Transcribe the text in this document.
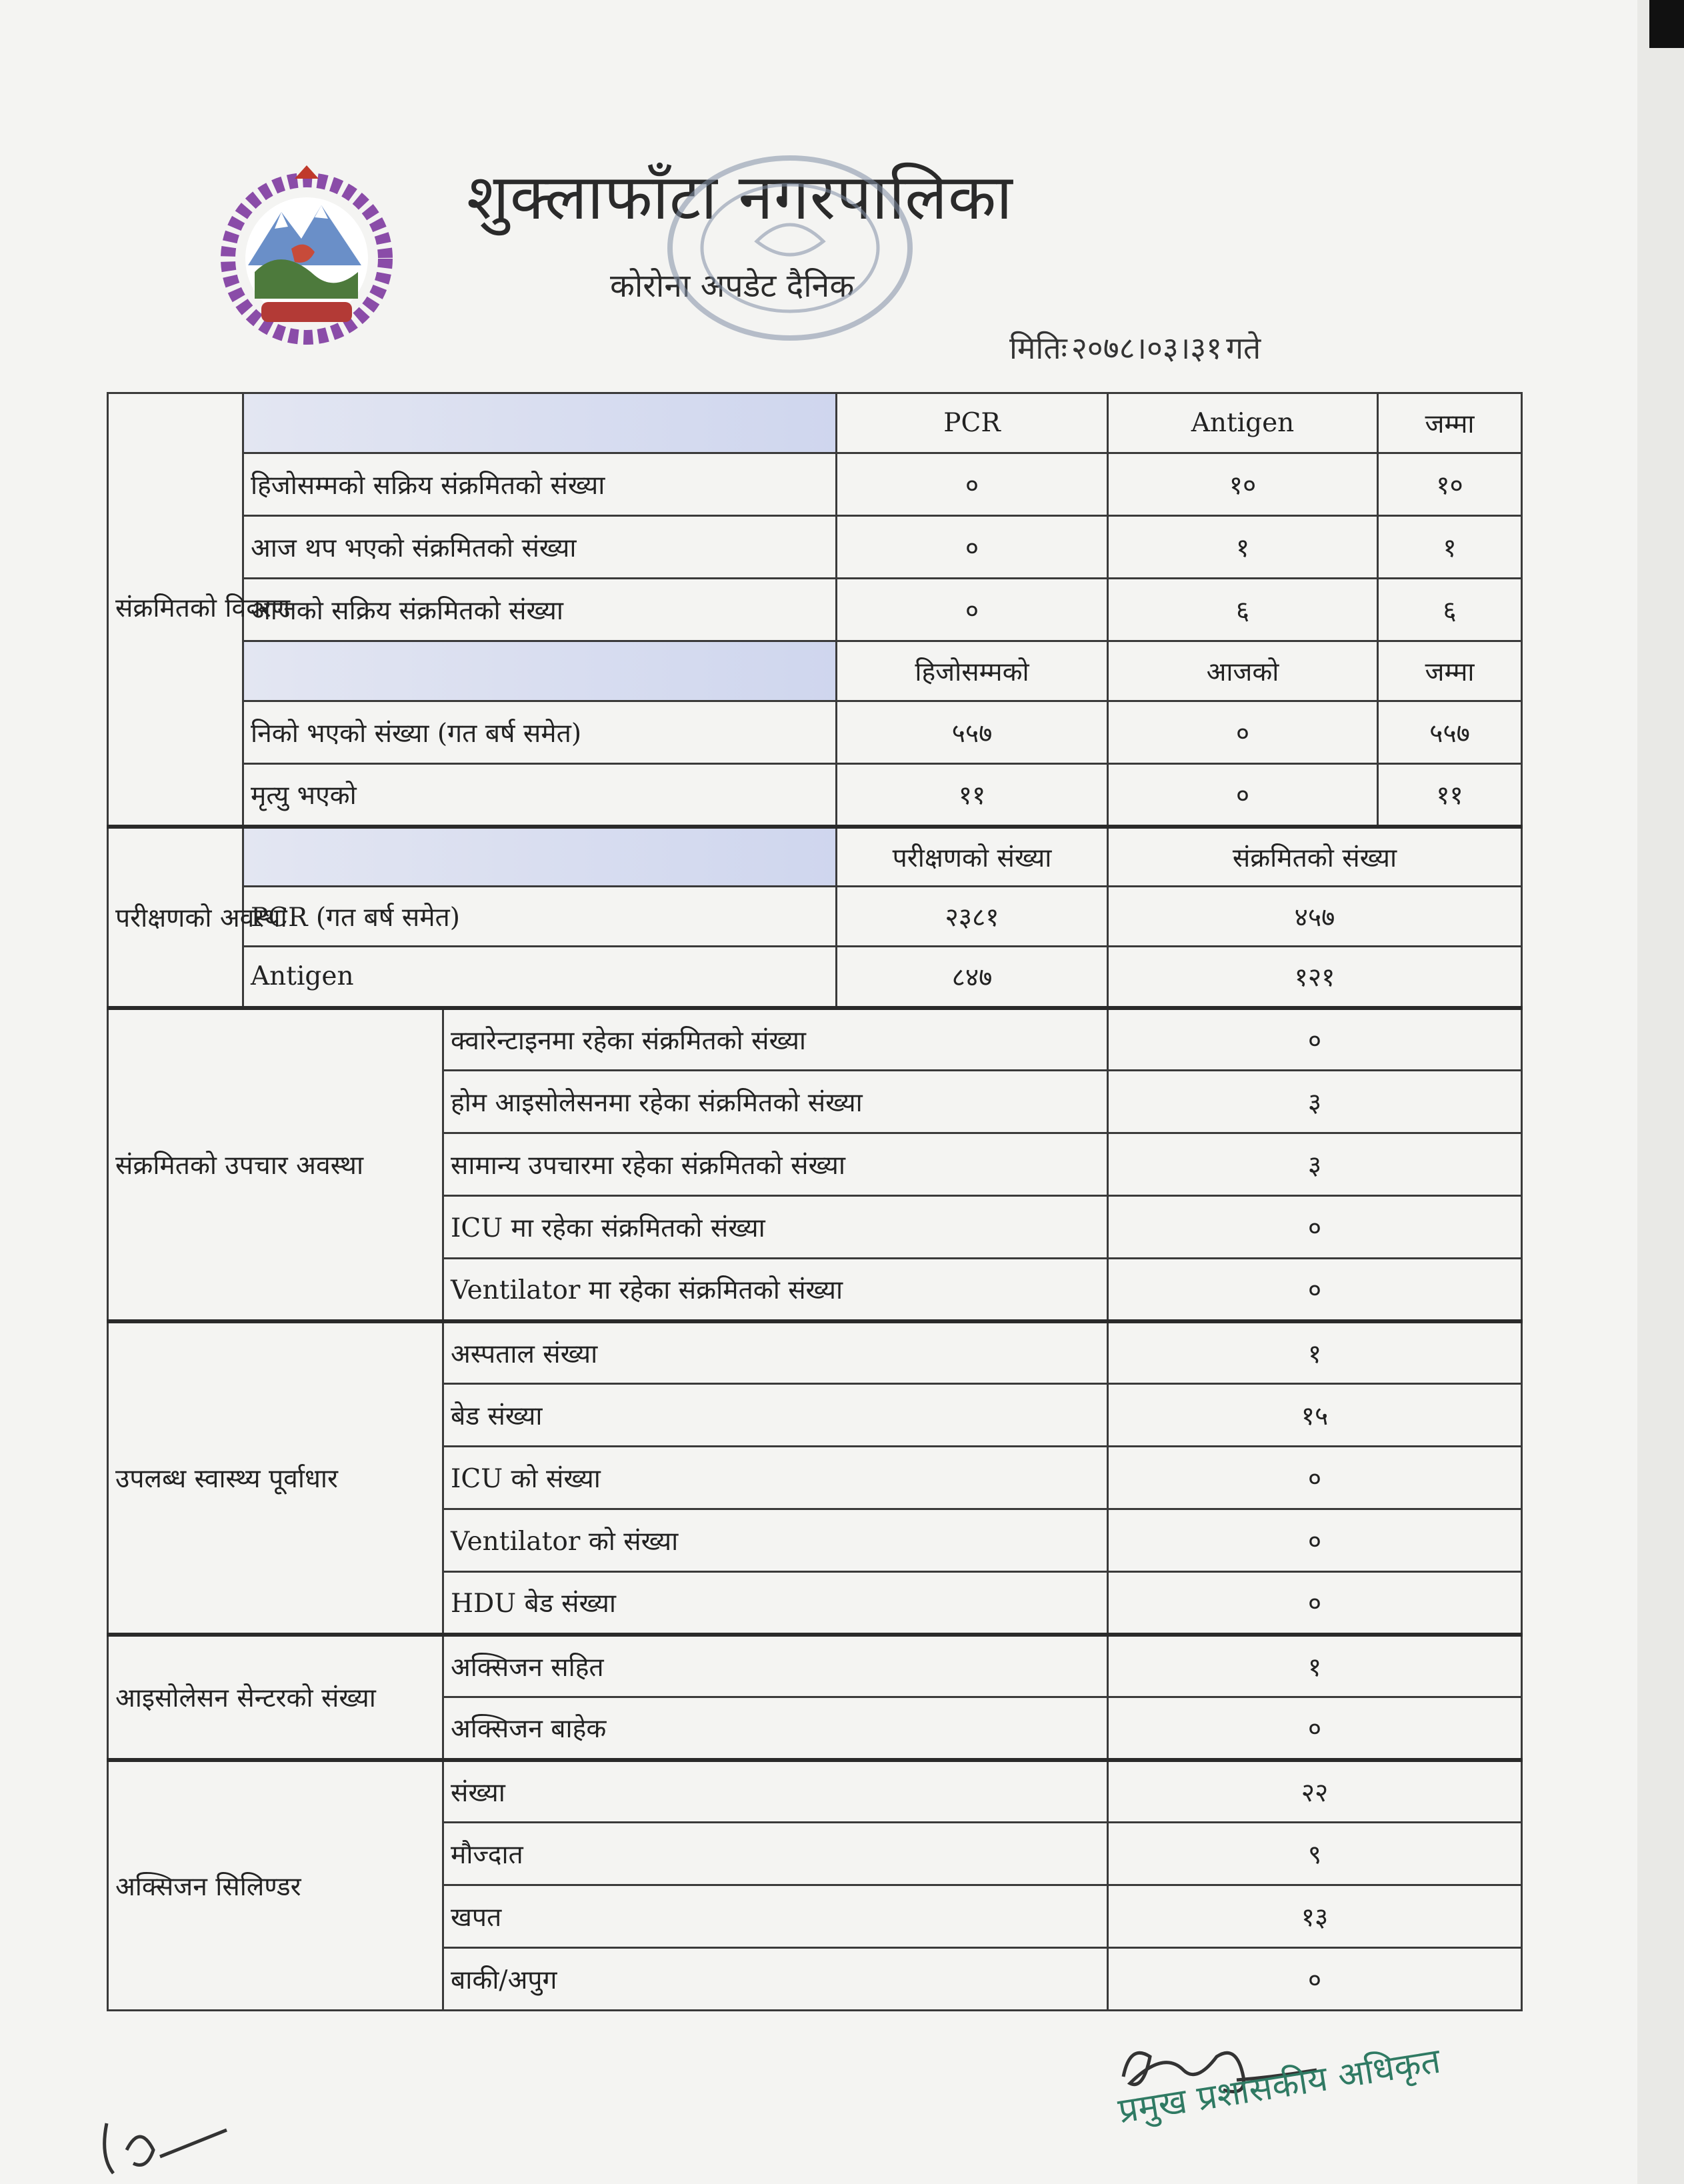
शुक्लाफाँटा नगरपालिका
कोरोना अपडेट दैनिक
मितिः २०७८।०३।३१ गते
संक्रमितको विवरण			PCR	Antigen	जम्मा
	हिजोसम्मको सक्रिय संक्रमितको संख्या		०	१०	१०
	आज थप भएको संक्रमितको संख्या		०	१	१
	आजको सक्रिय संक्रमितको संख्या		०	६	६
			हिजोसम्मको	आजको	जम्मा
	निको भएको संख्या (गत बर्ष समेत)		५५७	०	५५७
	मृत्यु भएको		११	०	११
परीक्षणको अवस्था			परीक्षणको संख्या	संक्रमितको संख्या	
	PCR (गत बर्ष समेत)		२३८१	४५७	
	Antigen		८४७	१२१	
संक्रमितको उपचार अवस्था		क्वारेन्टाइनमा रहेका संक्रमितको संख्या		०	
		होम आइसोलेसनमा रहेका संक्रमितको संख्या		३	
		सामान्य उपचारमा रहेका संक्रमितको संख्या		३	
		ICU मा रहेका संक्रमितको संख्या		०	
		Ventilator मा रहेका संक्रमितको संख्या		०	
उपलब्ध स्वास्थ्य पूर्वाधार		अस्पताल संख्या		१	
		बेड संख्या		१५	
		ICU को संख्या		०	
		Ventilator को संख्या		०	
		HDU बेड संख्या		०	
आइसोलेसन सेन्टरको संख्या		अक्सिजन सहित		१	
		अक्सिजन बाहेक		०	
अक्सिजन सिलिण्डर		संख्या		२२	
		मौज्दात		९	
		खपत		१३	
		बाकी/अपुग		०	
प्रमुख प्रशासकीय अधिकृत
